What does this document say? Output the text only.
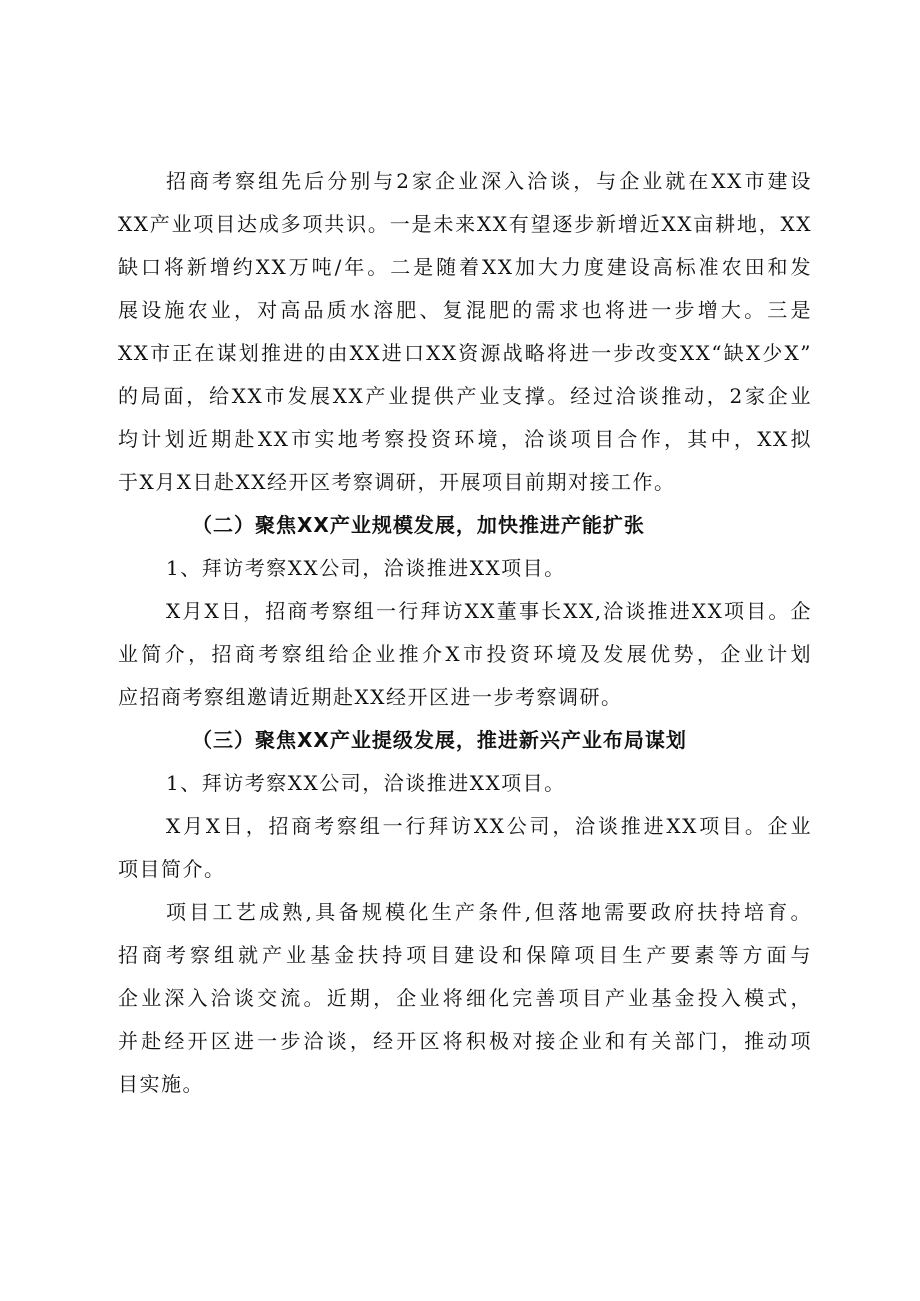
招商考察组先后分别与2家企业深入洽谈，与企业就在XX市建设
XX产业项目达成多项共识。一是未来XX有望逐步新增近XX亩耕地，XX
缺口将新增约XX万吨/年。二是随着XX加大力度建设高标准农田和发
展设施农业，对高品质水溶肥、复混肥的需求也将进一步增大。三是
XX市正在谋划推进的由XX进口XX资源战略将进一步改变XX“缺X少X”
的局面，给XX市发展XX产业提供产业支撑。经过洽谈推动，2家企业
均计划近期赴XX市实地考察投资环境，洽谈项目合作，其中，XX拟
于X月X日赴XX经开区考察调研，开展项目前期对接工作。
（二）聚焦XX产业规模发展，加快推进产能扩张
1、拜访考察XX公司，洽谈推进XX项目。
X月X日，招商考察组一行拜访XX董事长XX,洽谈推进XX项目。企
业简介，招商考察组给企业推介X市投资环境及发展优势，企业计划
应招商考察组邀请近期赴XX经开区进一步考察调研。
（三）聚焦XX产业提级发展，推进新兴产业布局谋划
1、拜访考察XX公司，洽谈推进XX项目。
X月X日，招商考察组一行拜访XX公司，洽谈推进XX项目。企业
项目简介。
项目工艺成熟,具备规模化生产条件,但落地需要政府扶持培育。
招商考察组就产业基金扶持项目建设和保障项目生产要素等方面与
企业深入洽谈交流。近期，企业将细化完善项目产业基金投入模式，
并赴经开区进一步洽谈，经开区将积极对接企业和有关部门，推动项
目实施。
